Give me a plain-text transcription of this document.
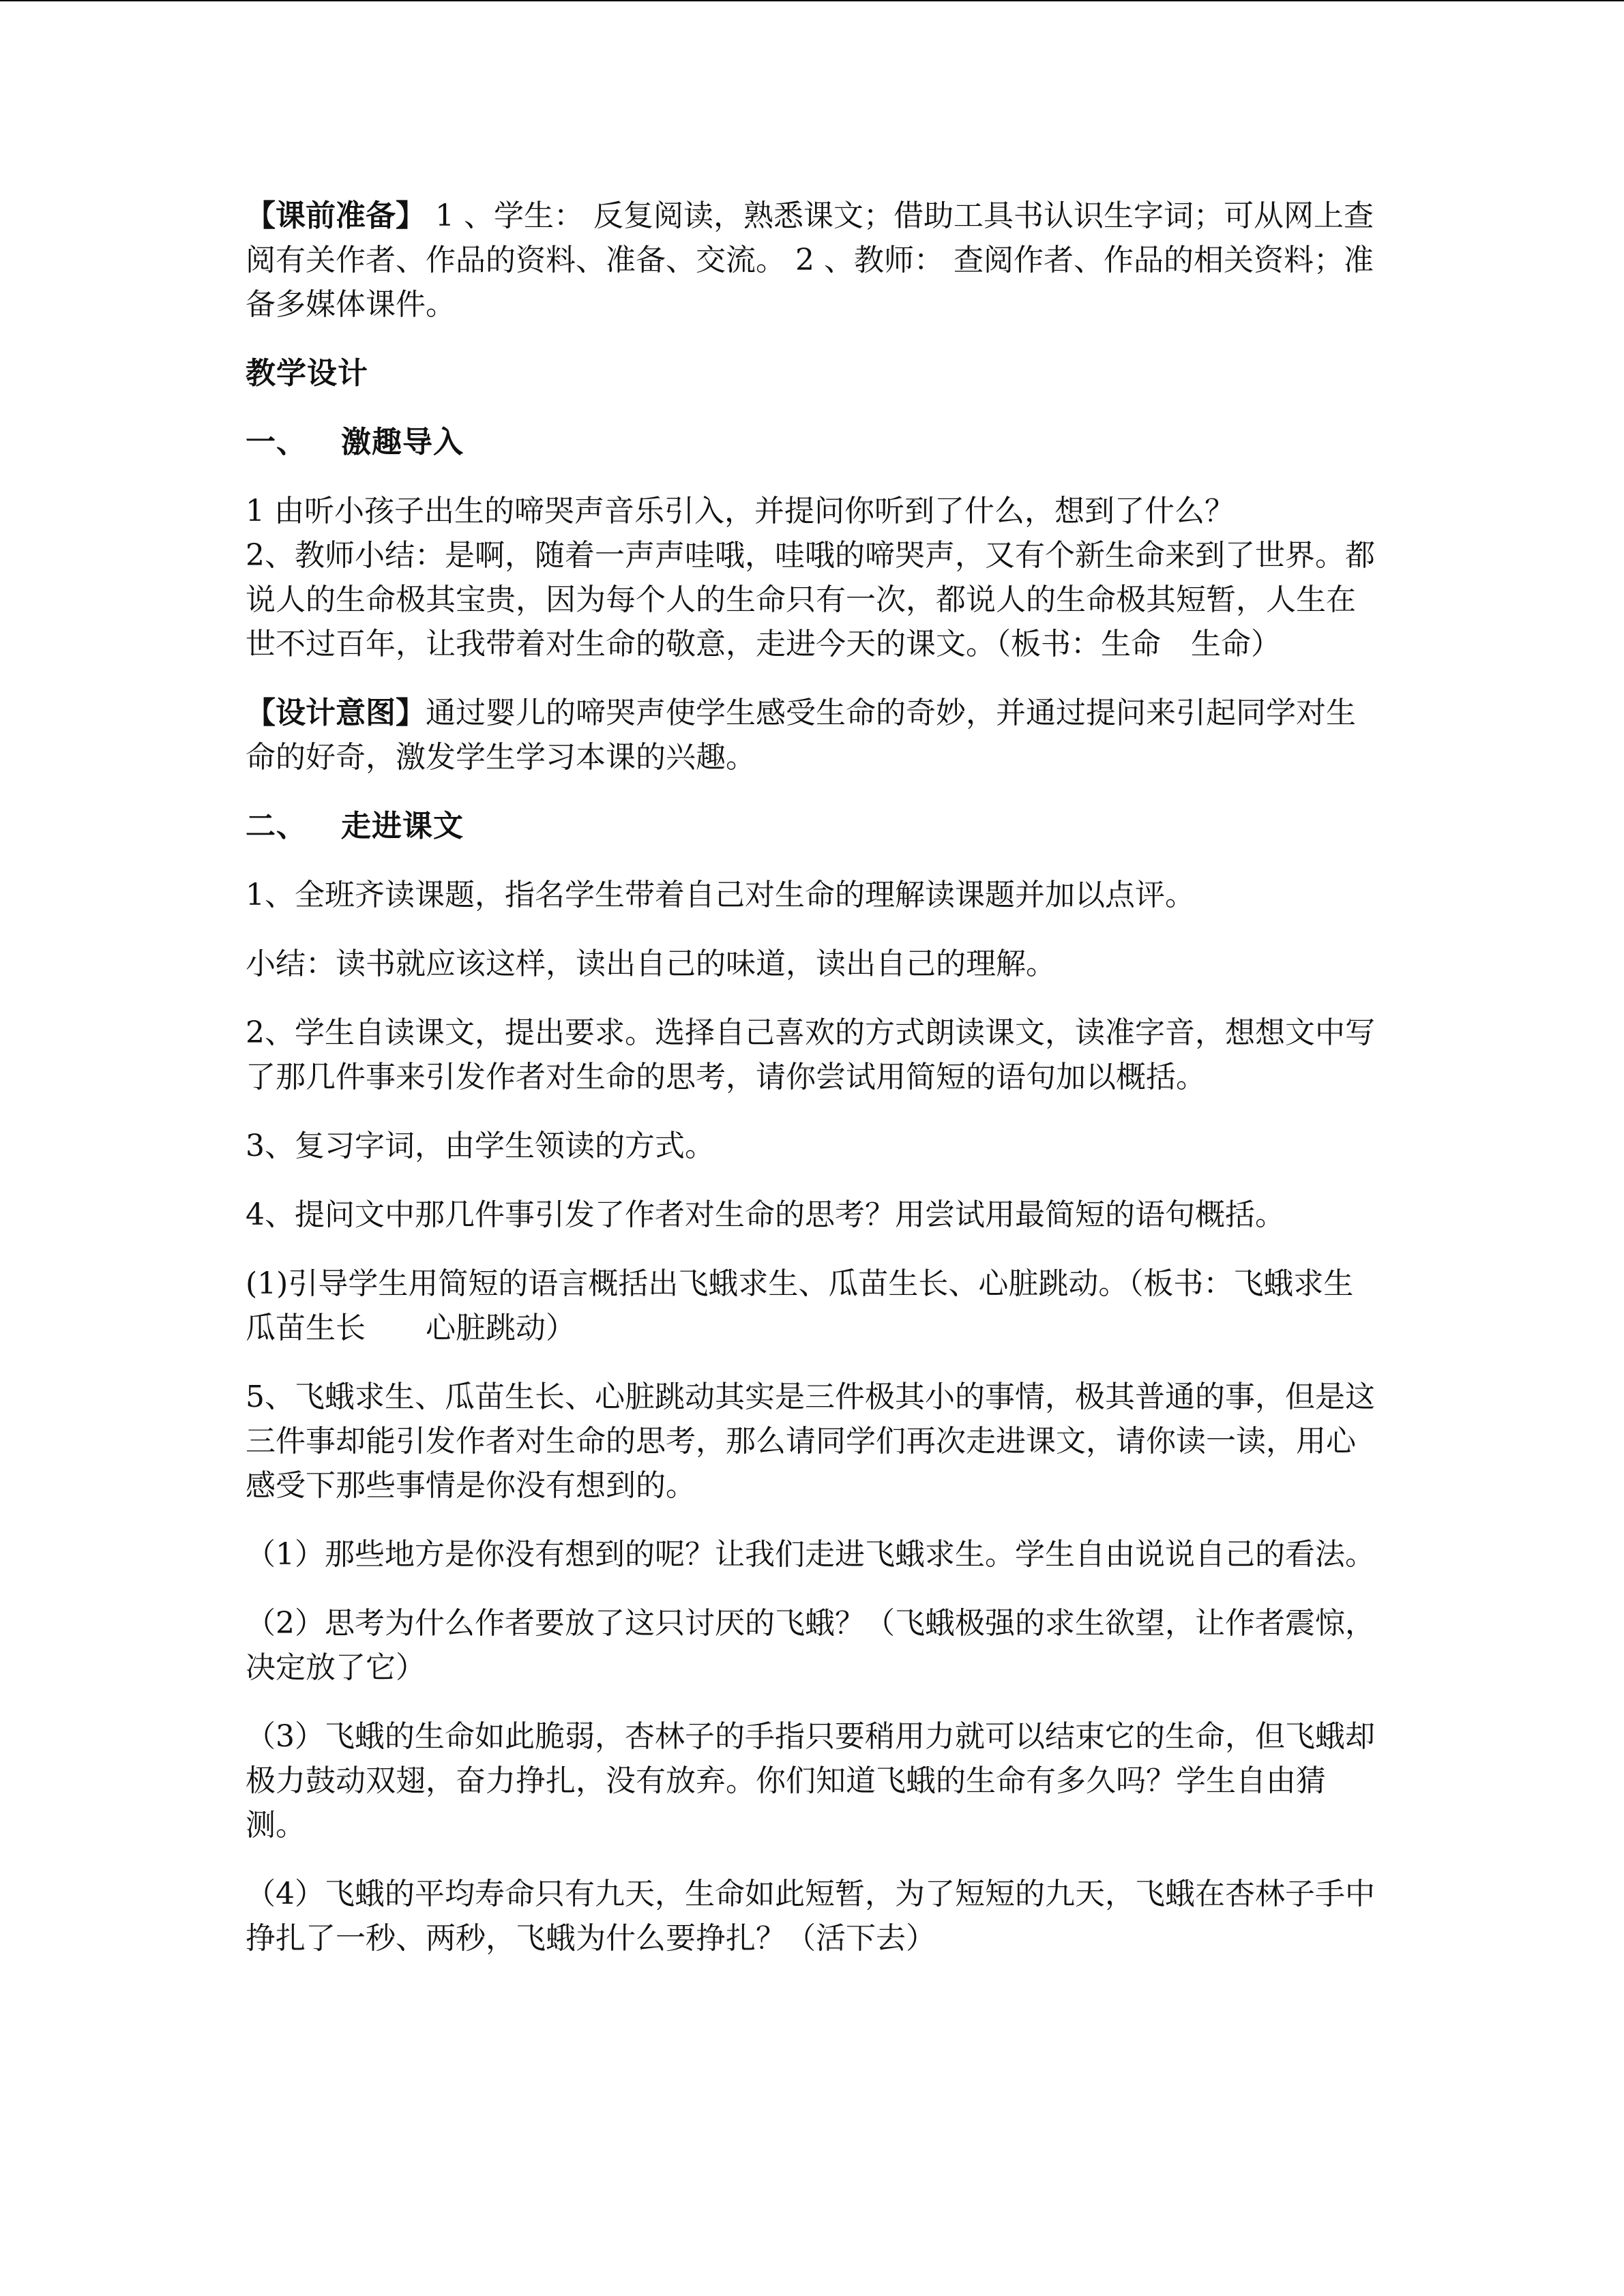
【课前准备】 1 、学生： 反复阅读，熟悉课文；借助工具书认识生字词；可从网上查阅有关作者、作品的资料、准备、交流。 2 、教师： 查阅作者、作品的相关资料；准备多媒体课件。

教学设计

一、 激趣导入

1 由听小孩子出生的啼哭声音乐引入，并提问你听到了什么，想到了什么？

2、教师小结：是啊，随着一声声哇哦，哇哦的啼哭声，又有个新生命来到了世界。都说人的生命极其宝贵，因为每个人的生命只有一次，都说人的生命极其短暂，人生在世不过百年，让我带着对生命的敬意，走进今天的课文。（板书：生命　生命）

【设计意图】通过婴儿的啼哭声使学生感受生命的奇妙，并通过提问来引起同学对生命的好奇，激发学生学习本课的兴趣。

二、 走进课文

1、全班齐读课题，指名学生带着自己对生命的理解读课题并加以点评。

小结：读书就应该这样，读出自己的味道，读出自己的理解。

2、学生自读课文，提出要求。选择自己喜欢的方式朗读课文，读准字音，想想文中写了那几件事来引发作者对生命的思考，请你尝试用简短的语句加以概括。

3、复习字词，由学生领读的方式。

4、提问文中那几件事引发了作者对生命的思考？用尝试用最简短的语句概括。

(1)引导学生用简短的语言概括出飞蛾求生、瓜苗生长、心脏跳动。（板书：飞蛾求生　　瓜苗生长　　心脏跳动）

5、飞蛾求生、瓜苗生长、心脏跳动其实是三件极其小的事情，极其普通的事，但是这三件事却能引发作者对生命的思考，那么请同学们再次走进课文，请你读一读，用心感受下那些事情是你没有想到的。

（1）那些地方是你没有想到的呢？让我们走进飞蛾求生。学生自由说说自己的看法。

（2）思考为什么作者要放了这只讨厌的飞蛾？（飞蛾极强的求生欲望，让作者震惊，决定放了它）

（3）飞蛾的生命如此脆弱，杏林子的手指只要稍用力就可以结束它的生命，但飞蛾却极力鼓动双翅，奋力挣扎，没有放弃。你们知道飞蛾的生命有多久吗？学生自由猜测。

（4）飞蛾的平均寿命只有九天，生命如此短暂，为了短短的九天，飞蛾在杏林子手中挣扎了一秒、两秒，飞蛾为什么要挣扎？（活下去）
